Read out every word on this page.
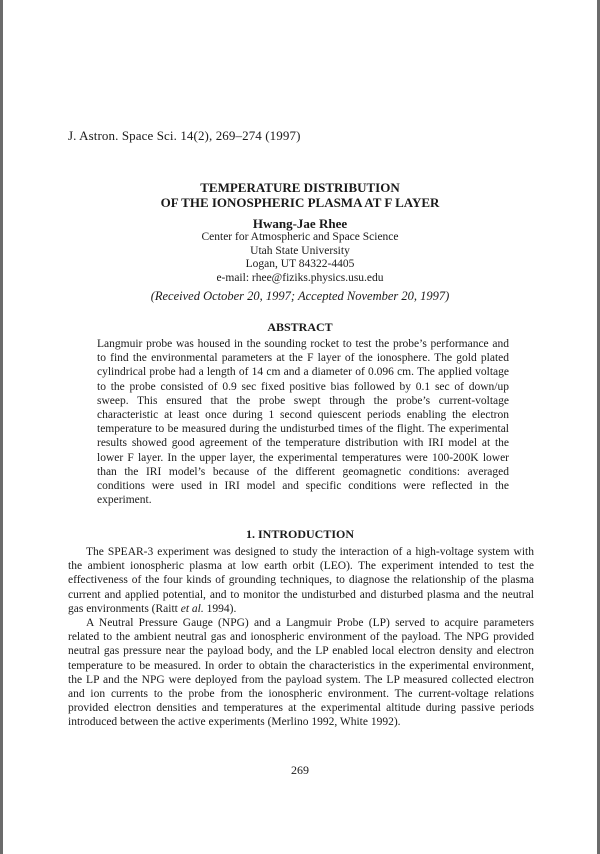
J. Astron. Space Sci. 14(2), 269–274 (1997)
TEMPERATURE DISTRIBUTION
OF THE IONOSPHERIC PLASMA AT F LAYER
Hwang-Jae Rhee
Center for Atmospheric and Space Science
Utah State University
Logan, UT 84322-4405
e-mail: rhee@fiziks.physics.usu.edu
(Received October 20, 1997; Accepted November 20, 1997)
ABSTRACT
Langmuir probe was housed in the sounding rocket to test the probe’s performance and to find the environmental parameters at the F layer of the ionosphere. The gold plated cylindrical probe had a length of 14 cm and a diameter of 0.096 cm. The applied voltage to the probe consisted of 0.9 sec fixed positive bias followed by 0.1 sec of down/up sweep. This ensured that the probe swept through the probe’s current-voltage characteristic at least once during 1 second quiescent periods enabling the electron temperature to be measured during the undisturbed times of the flight. The experimental results showed good agreement of the temperature distribution with IRI model at the lower F layer. In the upper layer, the experimental temperatures were 100-200K lower than the IRI model’s because of the different geomagnetic conditions: averaged conditions were used in IRI model and specific conditions were reflected in the experiment.
1. INTRODUCTION

The SPEAR-3 experiment was designed to study the interaction of a high-voltage system with the ambient ionospheric plasma at low earth orbit (LEO). The experiment intended to test the effectiveness of the four kinds of grounding techniques, to diagnose the relationship of the plasma current and applied potential, and to monitor the undisturbed and disturbed plasma and the neutral gas environments (Raitt et al. 1994).

A Neutral Pressure Gauge (NPG) and a Langmuir Probe (LP) served to acquire parameters related to the ambient neutral gas and ionospheric environment of the payload. The NPG provided neutral gas pressure near the payload body, and the LP enabled local electron density and electron temperature to be measured. In order to obtain the characteristics in the experimental environment, the LP and the NPG were deployed from the payload system. The LP measured collected electron and ion currents to the probe from the ionospheric environment. The current-voltage relations provided electron densities and temperatures at the experimental altitude during passive periods introduced between the active experiments (Merlino 1992, White 1992).

269
